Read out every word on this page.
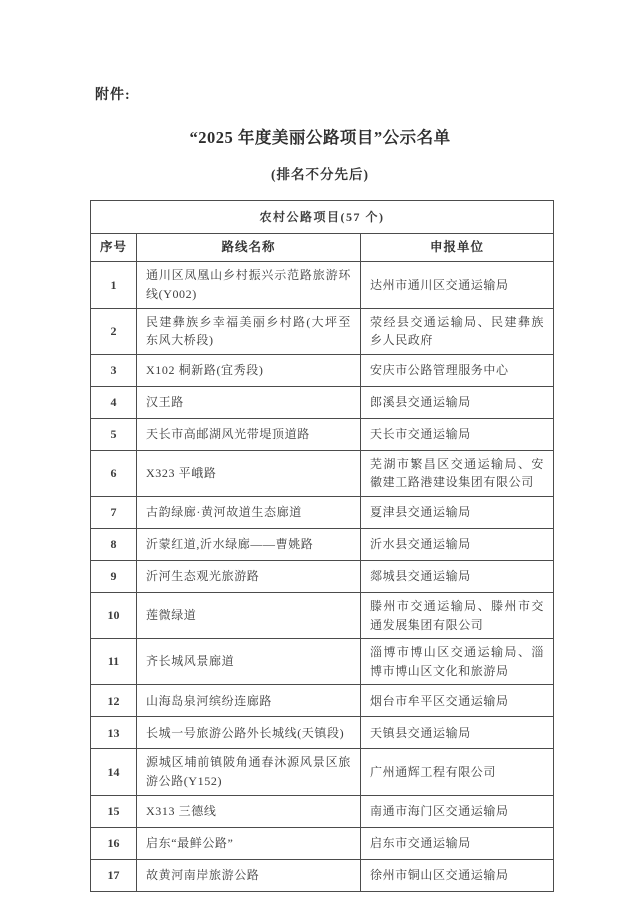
附件:
“2025 年度美丽公路项目”公示名单
(排名不分先后)
农村公路项目(57 个)		
序号	路线名称	申报单位
1	通川区凤凰山乡村振兴示范路旅游环线(Y002)	达州市通川区交通运输局
2	民建彝族乡幸福美丽乡村路(大坪至东风大桥段)	荥经县交通运输局、民建彝族乡人民政府
3	X102 桐新路(宜秀段)	安庆市公路管理服务中心
4	汉王路	郎溪县交通运输局
5	天长市高邮湖风光带堤顶道路	天长市交通运输局
6	X323 平峨路	芜湖市繁昌区交通运输局、安徽建工路港建设集团有限公司
7	古韵绿廊·黄河故道生态廊道	夏津县交通运输局
8	沂蒙红道,沂水绿廊——曹姚路	沂水县交通运输局
9	沂河生态观光旅游路	郯城县交通运输局
10	莲微绿道	滕州市交通运输局、滕州市交通发展集团有限公司
11	齐长城风景廊道	淄博市博山区交通运输局、淄博市博山区文化和旅游局
12	山海岛泉河缤纷连廊路	烟台市牟平区交通运输局
13	长城一号旅游公路外长城线(天镇段)	天镇县交通运输局
14	源城区埔前镇陂角通春沐源风景区旅游公路(Y152)	广州通辉工程有限公司
15	X313 三德线	南通市海门区交通运输局
16	启东“最鲜公路”	启东市交通运输局
17	故黄河南岸旅游公路	徐州市铜山区交通运输局
